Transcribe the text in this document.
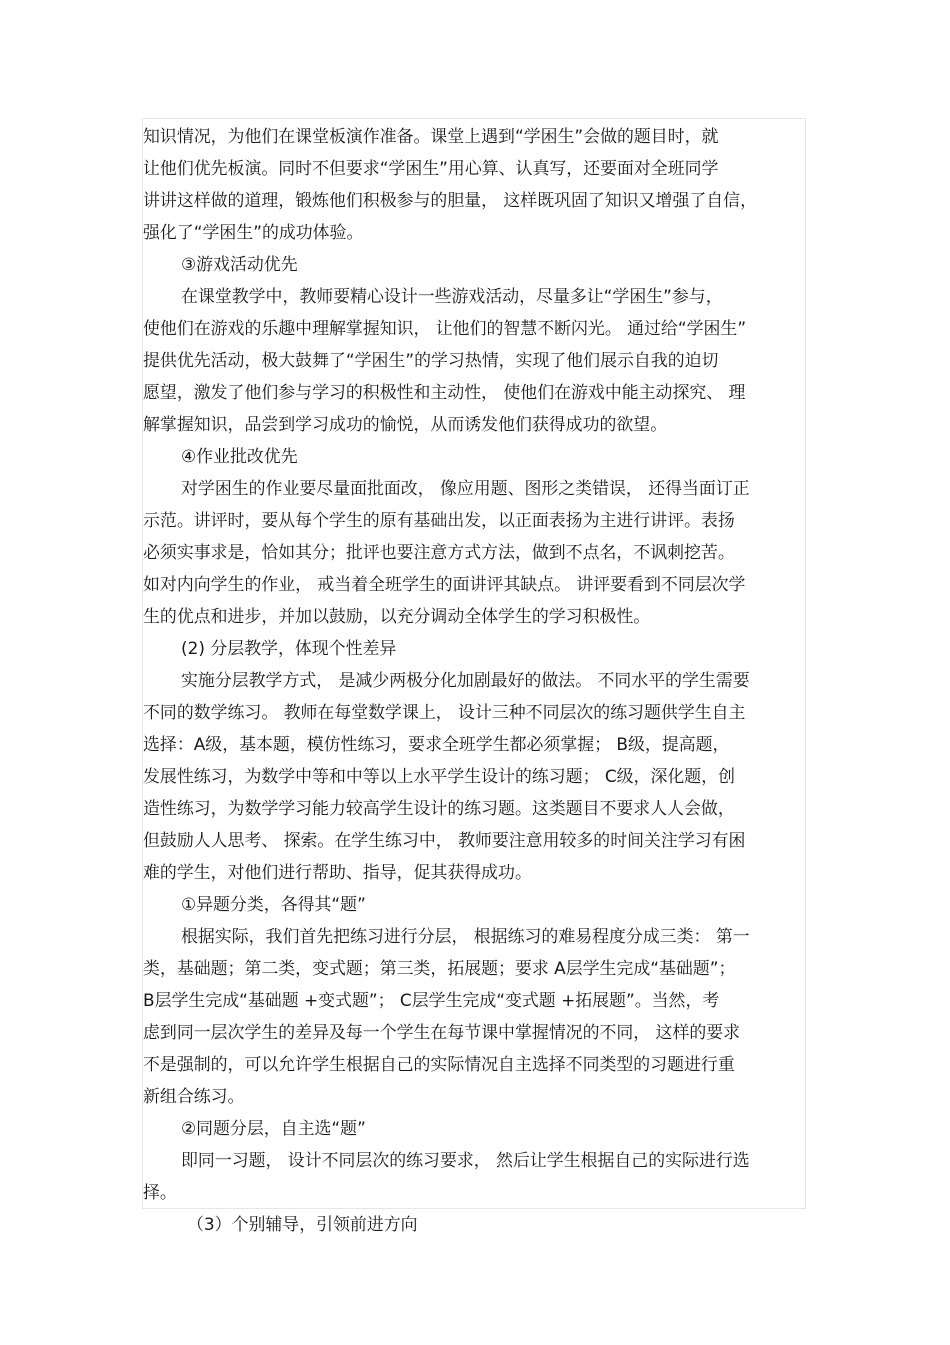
知识情况，为他们在课堂板演作准备。课堂上遇到“学困生”会做的题目时，就
让他们优先板演。同时不但要求“学困生”用心算、认真写，还要面对全班同学
讲讲这样做的道理，锻炼他们积极参与的胆量， 这样既巩固了知识又增强了自信，
强化了“学困生”的成功体验。
③游戏活动优先
在课堂教学中，教师要精心设计一些游戏活动，尽量多让“学困生”参与，
使他们在游戏的乐趣中理解掌握知识， 让他们的智慧不断闪光。 通过给“学困生”
提供优先活动，极大鼓舞了“学困生”的学习热情，实现了他们展示自我的迫切
愿望，激发了他们参与学习的积极性和主动性， 使他们在游戏中能主动探究、 理
解掌握知识，品尝到学习成功的愉悦，从而诱发他们获得成功的欲望。
④作业批改优先
对学困生的作业要尽量面批面改， 像应用题、图形之类错误， 还得当面订正
示范。讲评时，要从每个学生的原有基础出发，以正面表扬为主进行讲评。表扬
必须实事求是，恰如其分；批评也要注意方式方法，做到不点名，不讽刺挖苦。
如对内向学生的作业， 戒当着全班学生的面讲评其缺点。 讲评要看到不同层次学
生的优点和进步，并加以鼓励，以充分调动全体学生的学习积极性。
(2) 分层教学，体现个性差异
实施分层教学方式， 是减少两极分化加剧最好的做法。 不同水平的学生需要
不同的数学练习。 教师在每堂数学课上， 设计三种不同层次的练习题供学生自主
选择：A级，基本题，模仿性练习，要求全班学生都必须掌握； B级，提高题，
发展性练习，为数学中等和中等以上水平学生设计的练习题； C级，深化题，创
造性练习，为数学学习能力较高学生设计的练习题。这类题目不要求人人会做，
但鼓励人人思考、 探索。在学生练习中， 教师要注意用较多的时间关注学习有困
难的学生，对他们进行帮助、指导，促其获得成功。
①异题分类，各得其“题”
根据实际，我们首先把练习进行分层， 根据练习的难易程度分成三类： 第一
类，基础题；第二类，变式题；第三类，拓展题；要求 A层学生完成“基础题”；
B层学生完成“基础题 +变式题”； C层学生完成“变式题 +拓展题”。当然，考
虑到同一层次学生的差异及每一个学生在每节课中掌握情况的不同， 这样的要求
不是强制的，可以允许学生根据自己的实际情况自主选择不同类型的习题进行重
新组合练习。
②同题分层，自主选“题”
即同一习题， 设计不同层次的练习要求， 然后让学生根据自己的实际进行选
择。
（3）个别辅导，引领前进方向
